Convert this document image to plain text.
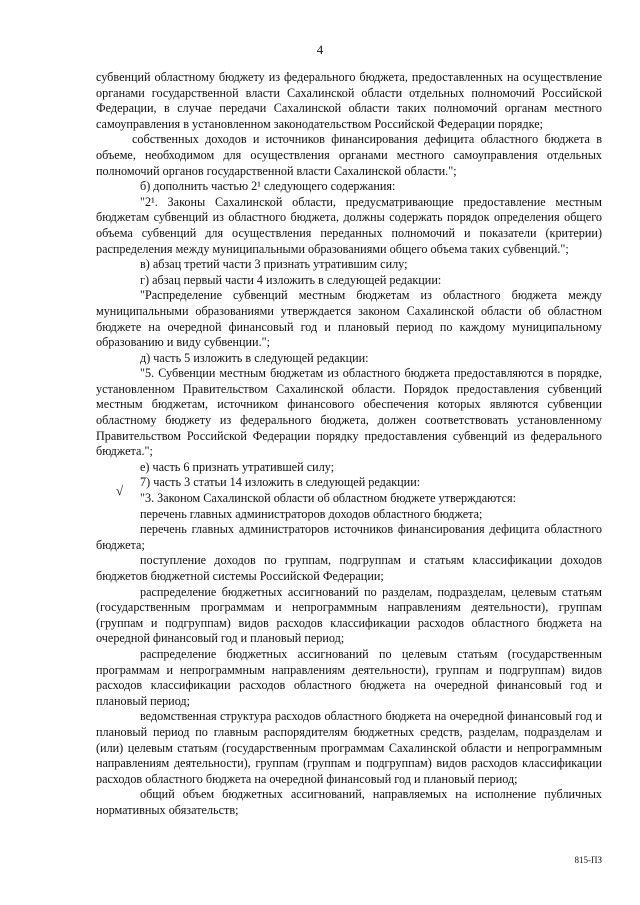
4

субвенций областному бюджету из федерального бюджета, предоставленных на осуществление органами государственной власти Сахалинской области отдельных полномочий Российской Федерации, в случае передачи Сахалинской области таких полномочий органам местного самоуправления в установленном законодательством Российской Федерации порядке;

собственных доходов и источников финансирования дефицита областного бюджета в объеме, необходимом для осуществления органами местного самоуправления отдельных полномочий органов государственной власти Сахалинской области.";

б) дополнить частью 2¹ следующего содержания:

"2¹. Законы Сахалинской области, предусматривающие предоставление местным бюджетам субвенций из областного бюджета, должны содержать порядок определения общего объема субвенций для осуществления переданных полномочий и показатели (критерии) распределения между муниципальными образованиями общего объема таких субвенций.";

в) абзац третий части 3 признать утратившим силу;

г) абзац первый части 4 изложить в следующей редакции:

"Распределение субвенций местным бюджетам из областного бюджета между муниципальными образованиями утверждается законом Сахалинской области об областном бюджете на очередной финансовый год и плановый период по каждому муниципальному образованию и виду субвенции.";

д) часть 5 изложить в следующей редакции:

"5. Субвенции местным бюджетам из областного бюджета предоставляются в порядке, установленном Правительством Сахалинской области. Порядок предоставления субвенций местным бюджетам, источником финансового обеспечения которых являются субвенции областному бюджету из федерального бюджета, должен соответствовать установленному Правительством Российской Федерации порядку предоставления субвенций из федерального бюджета.";

е) часть 6 признать утратившей силу;

7) часть 3 статьи 14 изложить в следующей редакции:

"3. Законом Сахалинской области об областном бюджете утверждаются:

перечень главных администраторов доходов областного бюджета;

перечень главных администраторов источников финансирования дефицита областного бюджета;

поступление доходов по группам, подгруппам и статьям классификации доходов бюджетов бюджетной системы Российской Федерации;

распределение бюджетных ассигнований по разделам, подразделам, целевым статьям (государственным программам и непрограммным направлениям деятельности), группам (группам и подгруппам) видов расходов классификации расходов областного бюджета на очередной финансовый год и плановый период;

распределение бюджетных ассигнований по целевым статьям (государственным программам и непрограммным направлениям деятельности), группам и подгруппам) видов расходов классификации расходов областного бюджета на очередной финансовый год и плановый период;

ведомственная структура расходов областного бюджета на очередной финансовый год и плановый период по главным распорядителям бюджетных средств, разделам, подразделам и (или) целевым статьям (государственным программам Сахалинской области и непрограммным направлениям деятельности), группам (группам и подгруппам) видов расходов классификации расходов областного бюджета на очередной финансовый год и плановый период;

общий объем бюджетных ассигнований, направляемых на исполнение публичных нормативных обязательств;

√
815-ПЗ
